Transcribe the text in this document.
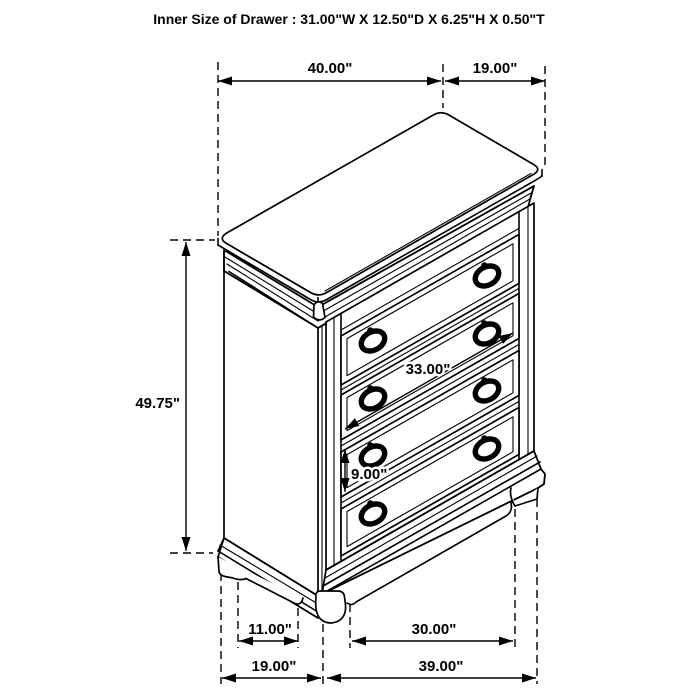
40.00"	19.00"
49.75"
33.00"
9.00"
11.00"	30.00"
19.00"	39.00"
Inner Size of Drawer : 31.00"W X 12.50"D X 6.25"H X 0.50"T
